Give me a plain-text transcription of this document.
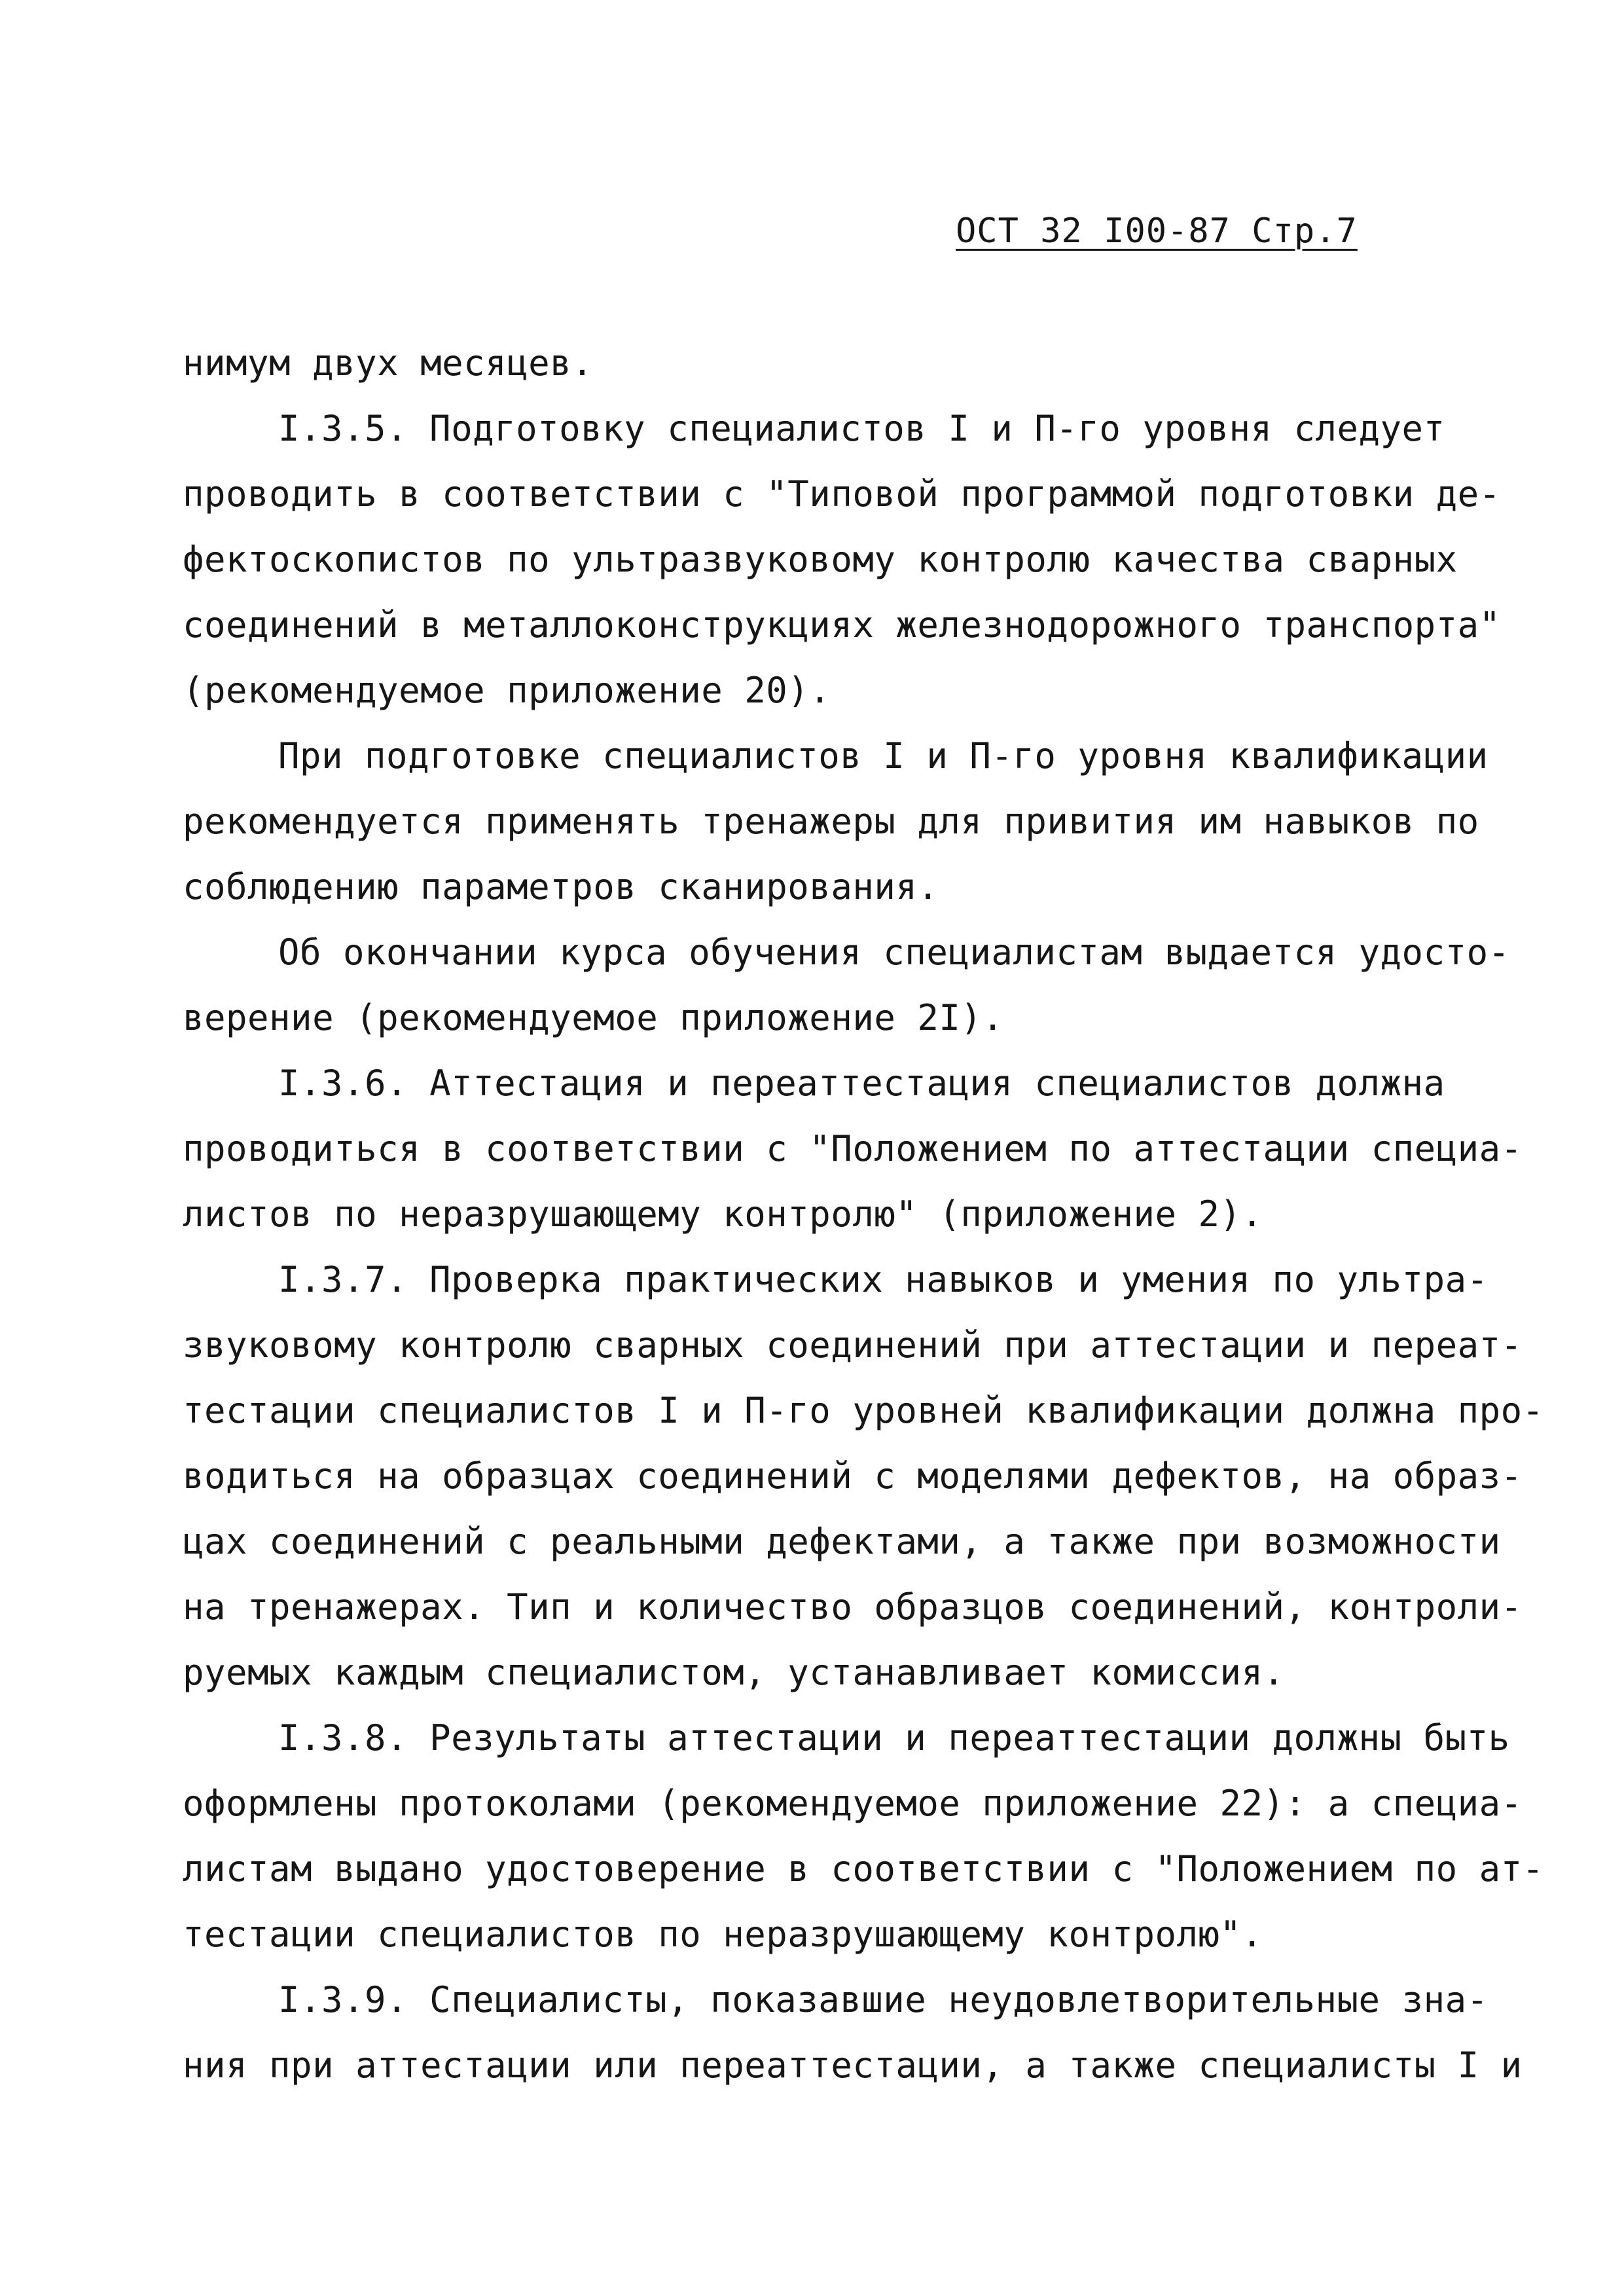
ОСТ 32 I00-87 Стр.7
нимум двух месяцев.
I.3.5. Подготовку специалистов I и П-го уровня следует
проводить в соответствии с "Типовой программой подготовки де-
фектоскопистов по ультразвуковому контролю качества сварных
соединений в металлоконструкциях железнодорожного транспорта"
(рекомендуемое приложение 20).
При подготовке специалистов I и П-го уровня квалификации
рекомендуется применять тренажеры для привития им навыков по
соблюдению параметров сканирования.
Об окончании курса обучения специалистам выдается удосто-
верение (рекомендуемое приложение 2I).
I.3.6. Аттестация и переаттестация специалистов должна
проводиться в соответствии с "Положением по аттестации специа-
листов по неразрушающему контролю" (приложение 2).
I.3.7. Проверка практических навыков и умения по ультра-
звуковому контролю сварных соединений при аттестации и переат-
тестации специалистов I и П-го уровней квалификации должна про-
водиться на образцах соединений с моделями дефектов, на образ-
цах соединений с реальными дефектами, а также при возможности
на тренажерах. Тип и количество образцов соединений, контроли-
руемых каждым специалистом, устанавливает комиссия.
I.3.8. Результаты аттестации и переаттестации должны быть
оформлены протоколами (рекомендуемое приложение 22): а специа-
листам выдано удостоверение в соответствии с "Положением по ат-
тестации специалистов по неразрушающему контролю".
I.3.9. Специалисты, показавшие неудовлетворительные зна-
ния при аттестации или переаттестации, а также специалисты I и
